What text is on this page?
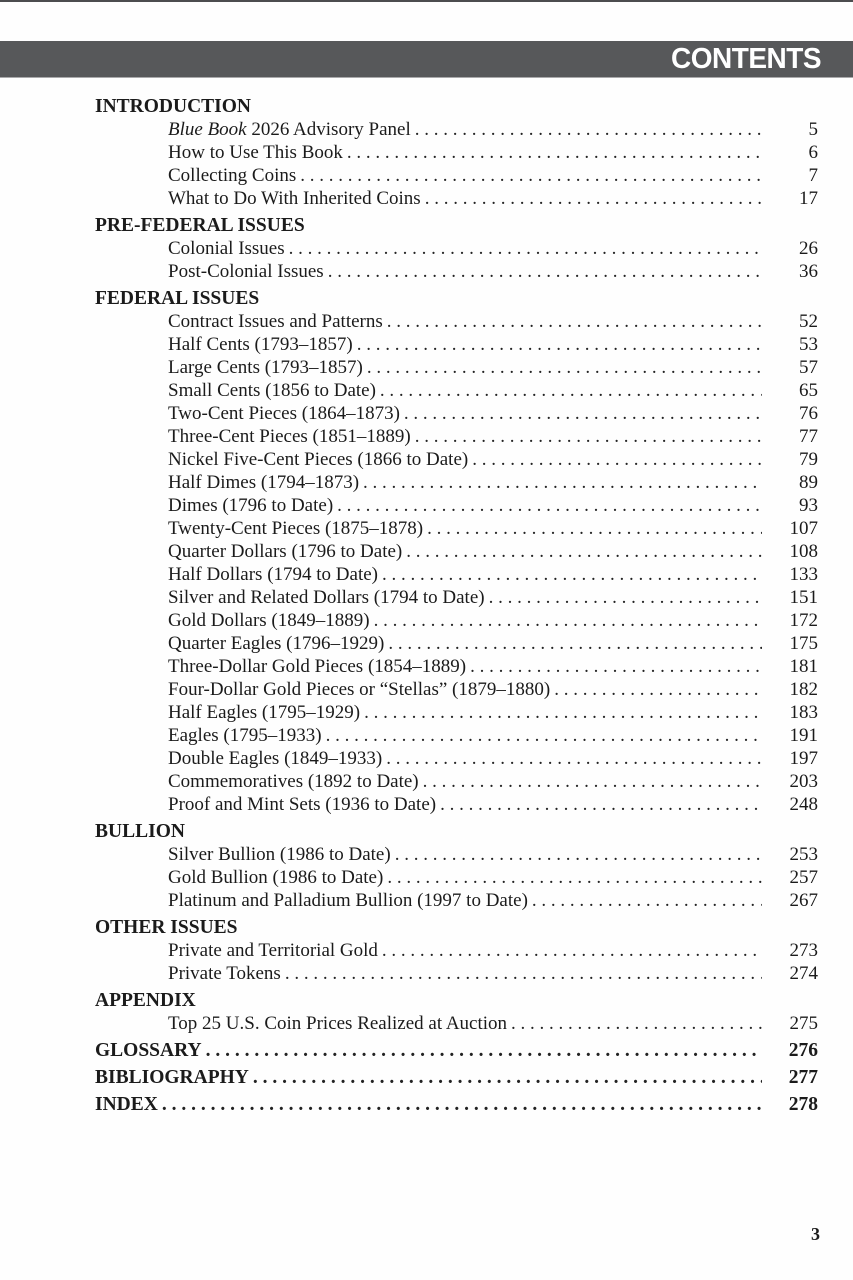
CONTENTS
INTRODUCTION
Blue Book 2026 Advisory Panel . . .	5
How to Use This Book . . .	6
Collecting Coins . . .	7
What to Do With Inherited Coins . . .	17
PRE-FEDERAL ISSUES
Colonial Issues . . .	26
Post-Colonial Issues . . .	36
FEDERAL ISSUES
Contract Issues and Patterns . . .	52
Half Cents (1793–1857) . . .	53
Large Cents (1793–1857) . . .	57
Small Cents (1856 to Date) . . .	65
Two-Cent Pieces (1864–1873) . . .	76
Three-Cent Pieces (1851–1889) . . .	77
Nickel Five-Cent Pieces (1866 to Date) . . .	79
Half Dimes (1794–1873) . . .	89
Dimes (1796 to Date) . . .	93
Twenty-Cent Pieces (1875–1878) . . .	107
Quarter Dollars (1796 to Date) . . .	108
Half Dollars (1794 to Date) . . .	133
Silver and Related Dollars (1794 to Date) . . .	151
Gold Dollars (1849–1889) . . .	172
Quarter Eagles (1796–1929) . . .	175
Three-Dollar Gold Pieces (1854–1889) . . .	181
Four-Dollar Gold Pieces or “Stellas” (1879–1880) . . .	182
Half Eagles (1795–1929) . . .	183
Eagles (1795–1933) . . .	191
Double Eagles (1849–1933) . . .	197
Commemoratives (1892 to Date) . . .	203
Proof and Mint Sets (1936 to Date) . . .	248
BULLION
Silver Bullion (1986 to Date) . . .	253
Gold Bullion (1986 to Date) . . .	257
Platinum and Palladium Bullion (1997 to Date) . . .	267
OTHER ISSUES
Private and Territorial Gold . . .	273
Private Tokens . . .	274
APPENDIX
Top 25 U.S. Coin Prices Realized at Auction . . .	275
GLOSSARY . . .	276
BIBLIOGRAPHY . . .	277
INDEX . . .	278
3
